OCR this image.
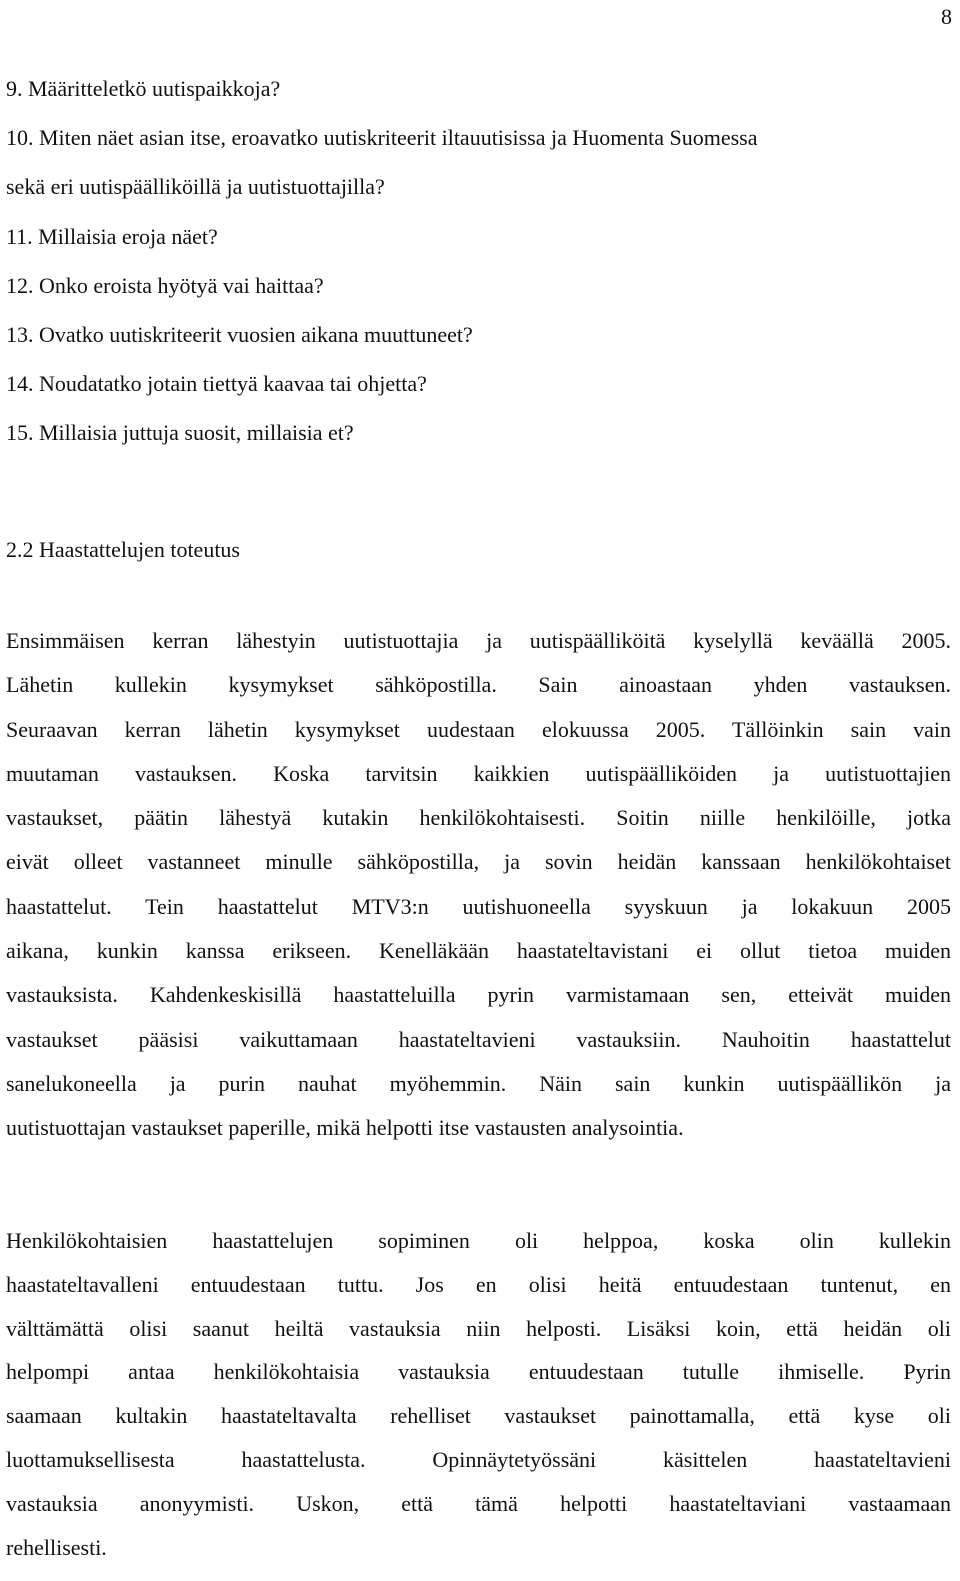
8
9. Määritteletkö uutispaikkoja?
10. Miten näet asian itse, eroavatko uutiskriteerit iltauutisissa ja Huomenta Suomessa
sekä eri uutispäälliköillä ja uutistuottajilla?
11. Millaisia eroja näet?
12. Onko eroista hyötyä vai haittaa?
13. Ovatko uutiskriteerit vuosien aikana muuttuneet?
14. Noudatatko jotain tiettyä kaavaa tai ohjetta?
15. Millaisia juttuja suosit, millaisia et?
2.2 Haastattelujen toteutus
Ensimmäisen kerran lähestyin uutistuottajia ja uutispäälliköitä kyselyllä keväällä 2005.
Lähetin kullekin kysymykset sähköpostilla. Sain ainoastaan yhden vastauksen.
Seuraavan kerran lähetin kysymykset uudestaan elokuussa 2005. Tällöinkin sain vain
muutaman vastauksen. Koska tarvitsin kaikkien uutispäälliköiden ja uutistuottajien
vastaukset, päätin lähestyä kutakin henkilökohtaisesti. Soitin niille henkilöille, jotka
eivät olleet vastanneet minulle sähköpostilla, ja sovin heidän kanssaan henkilökohtaiset
haastattelut. Tein haastattelut MTV3:n uutishuoneella syyskuun ja lokakuun 2005
aikana, kunkin kanssa erikseen. Kenelläkään haastateltavistani ei ollut tietoa muiden
vastauksista. Kahdenkeskisillä haastatteluilla pyrin varmistamaan sen, etteivät muiden
vastaukset pääsisi vaikuttamaan haastateltavieni vastauksiin. Nauhoitin haastattelut
sanelukoneella ja purin nauhat myöhemmin. Näin sain kunkin uutispäällikön ja
uutistuottajan vastaukset paperille, mikä helpotti itse vastausten analysointia.
Henkilökohtaisien haastattelujen sopiminen oli helppoa, koska olin kullekin
haastateltavalleni entuudestaan tuttu. Jos en olisi heitä entuudestaan tuntenut, en
välttämättä olisi saanut heiltä vastauksia niin helposti. Lisäksi koin, että heidän oli
helpompi antaa henkilökohtaisia vastauksia entuudestaan tutulle ihmiselle. Pyrin
saamaan kultakin haastateltavalta rehelliset vastaukset painottamalla, että kyse oli
luottamuksellisesta haastattelusta. Opinnäytetyössäni käsittelen haastateltavieni
vastauksia anonyymisti. Uskon, että tämä helpotti haastateltaviani vastaamaan
rehellisesti.
